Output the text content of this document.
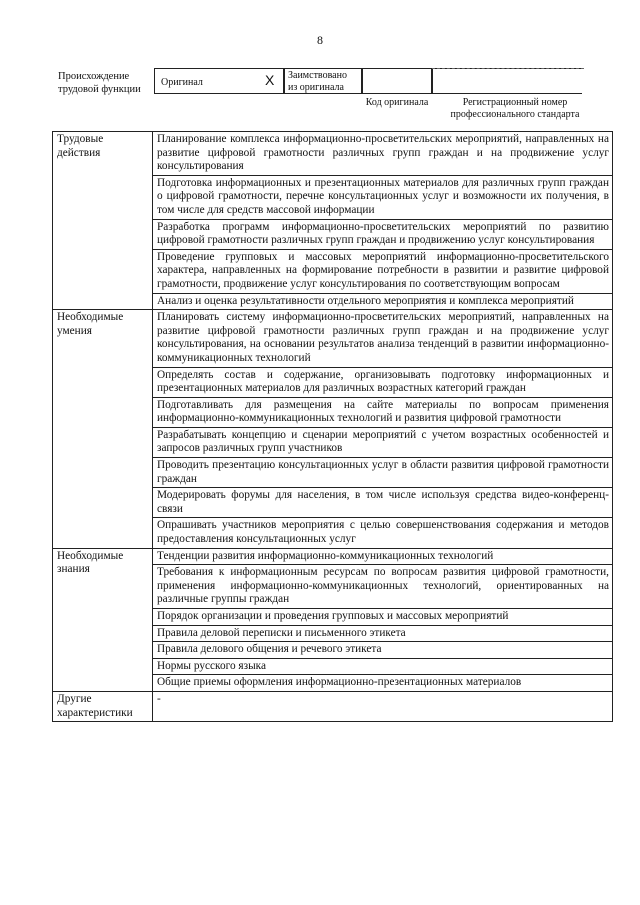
8
Происхождение трудовой функции
Оригинал	X	Заимствовано из оригинала
Код оригинала	Регистрационный номер профессионального стандарта
Трудовые действия	Планирование комплекса информационно-просветительских мероприятий, направленных на развитие цифровой грамотности различных групп граждан и на продвижение услуг консультирования
	Подготовка информационных и презентационных материалов для различных групп граждан о цифровой грамотности, перечне консультационных услуг и возможности их получения, в том числе для средств массовой информации
	Разработка программ информационно-просветительских мероприятий по развитию цифровой грамотности различных групп граждан и продвижению услуг консультирования
	Проведение групповых и массовых мероприятий информационно-просветительского характера, направленных на формирование потребности в развитии и развитие цифровой грамотности, продвижение услуг консультирования по соответствующим вопросам
	Анализ и оценка результативности отдельного мероприятия и комплекса мероприятий
Необходимые умения	Планировать систему информационно-просветительских мероприятий, направленных на развитие цифровой грамотности различных групп граждан и на продвижение услуг консультирования, на основании результатов анализа тенденций в развитии информационно-коммуникационных технологий
	Определять состав и содержание, организовывать подготовку информационных и презентационных материалов для различных возрастных категорий граждан
	Подготавливать для размещения на сайте материалы по вопросам применения информационно-коммуникационных технологий и развития цифровой грамотности
	Разрабатывать концепцию и сценарии мероприятий с учетом возрастных особенностей и запросов различных групп участников
	Проводить презентацию консультационных услуг в области развития цифровой грамотности граждан
	Модерировать форумы для населения, в том числе используя средства видео-конференц-связи
	Опрашивать участников мероприятия с целью совершенствования содержания и методов предоставления консультационных услуг
Необходимые знания	Тенденции развития информационно-коммуникационных технологий
	Требования к информационным ресурсам по вопросам развития цифровой грамотности, применения информационно-коммуникационных технологий, ориентированных на различные группы граждан
	Порядок организации и проведения групповых и массовых мероприятий
	Правила деловой переписки и письменного этикета
	Правила делового общения и речевого этикета
	Нормы русского языка
	Общие приемы оформления информационно-презентационных материалов
Другие характеристики	-
